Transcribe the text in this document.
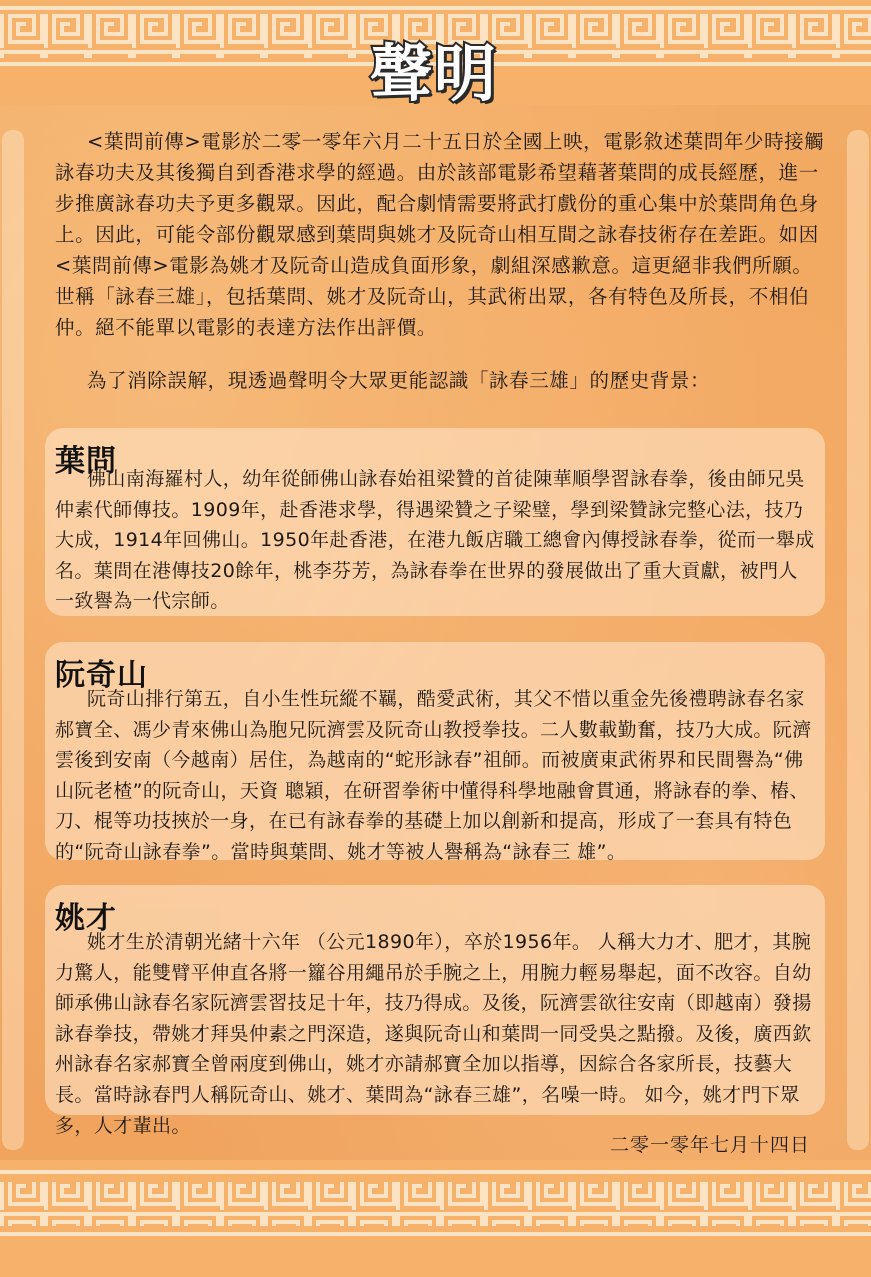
聲明
<葉問前傳>電影於二零一零年六月二十五日於全國上映，電影敘述葉問年少時接觸詠春功夫及其後獨自到香港求學的經過。由於該部電影希望藉著葉問的成長經歷，進一步推廣詠春功夫予更多觀眾。因此，配合劇情需要將武打戲份的重心集中於葉問角色身上。因此，可能令部份觀眾感到葉問與姚才及阮奇山相互間之詠春技術存在差距。如因<葉問前傳>電影為姚才及阮奇山造成負面形象，劇組深感歉意。這更絕非我們所願。世稱「詠春三雄」，包括葉問、姚才及阮奇山，其武術出眾，各有特色及所長，不相伯仲。絕不能單以電影的表達方法作出評價。
為了消除誤解，現透過聲明令大眾更能認識「詠春三雄」的歷史背景：
葉問
佛山南海羅村人，幼年從師佛山詠春始祖梁贊的首徒陳華順學習詠春拳，後由師兄吳仲素代師傳技。1909年，赴香港求學，得遇梁贊之子梁璧，學到梁贊詠完整心法，技乃大成，1914年回佛山。1950年赴香港，在港九飯店職工總會內傳授詠春拳，從而一舉成名。葉問在港傳技20餘年，桃李芬芳，為詠春拳在世界的發展做出了重大貢獻，被門人一致譽為一代宗師。
阮奇山
阮奇山排行第五，自小生性玩縱不羈，酷愛武術，其父不惜以重金先後禮聘詠春名家郝寶全、馮少青來佛山為胞兄阮濟雲及阮奇山教授拳技。二人數載勤奮，技乃大成。阮濟雲後到安南（今越南）居住，為越南的“蛇形詠春”祖師。而被廣東武術界和民間譽為“佛山阮老楂”的阮奇山，天資 聰穎，在研習拳術中懂得科學地融會貫通，將詠春的拳、樁、刀、棍等功技挾於一身，在已有詠春拳的基礎上加以創新和提高，形成了一套具有特色的“阮奇山詠春拳”。當時與葉問、姚才等被人譽稱為“詠春三 雄”。
姚才
姚才生於清朝光緒十六年 （公元1890年），卒於1956年。 人稱大力才、肥才，其腕力驚人，能雙臂平伸直各將一籮谷用繩吊於手腕之上，用腕力輕易舉起，面不改容。自幼師承佛山詠春名家阮濟雲習技足十年，技乃得成。及後，阮濟雲欲往安南（即越南）發揚詠春拳技，帶姚才拜吳仲素之門深造，遂與阮奇山和葉問一同受吳之點撥。及後，廣西欽州詠春名家郝寶全曾兩度到佛山，姚才亦請郝寶全加以指導，因綜合各家所長，技藝大長。當時詠春門人稱阮奇山、姚才、葉問為“詠春三雄”，名噪一時。 如今，姚才門下眾多，人才輩出。
二零一零年七月十四日
